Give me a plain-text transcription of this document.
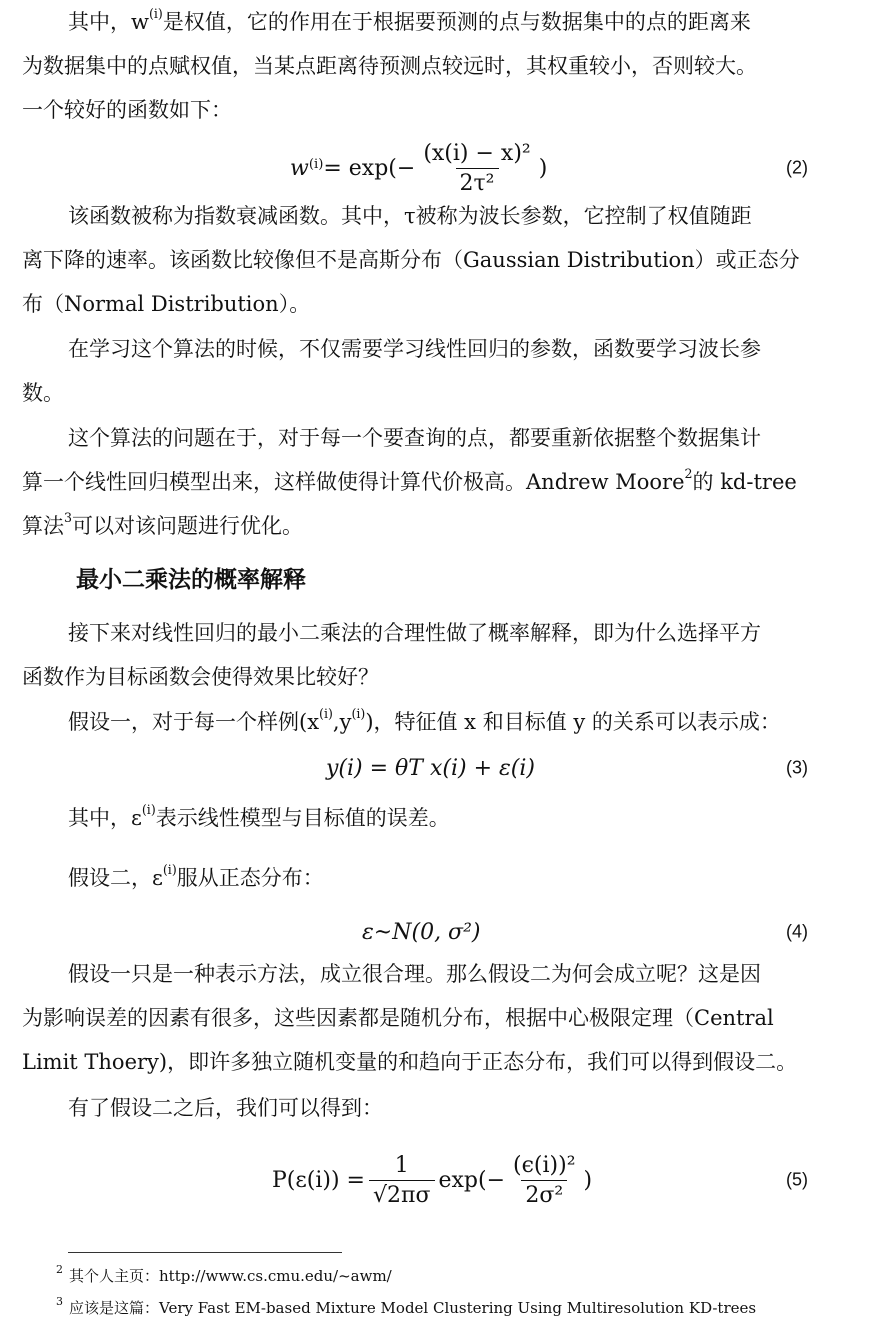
其中，$w^{(i)}$是权值，它的作用在于根据要预测的点与数据集中的点的距离来
为数据集中的点赋权值，当某点距离待预测点较远时，其权重较小，否则较大。
一个较好的函数如下：

$w^{(i)} = \exp(- \frac{\text{(x(i) − x)²}}{\text{2τ²}}$ )	(2)

该函数被称为指数衰减函数。其中，τ被称为波长参数，它控制了权值随距
离下降的速率。该函数比较像但不是高斯分布（Gaussian Distribution）或正态分
布（Normal Distribution）。

在学习这个算法的时候，不仅需要学习线性回归的参数，函数要学习波长参
数。

这个算法的问题在于，对于每一个要查询的点，都要重新依据整个数据集计
算一个线性回归模型出来，这样做使得计算代价极高。Andrew Moore$^2$的 kd-tree
算法$^3$可以对该问题进行优化。

最小二乘法的概率解释

接下来对线性回归的最小二乘法的合理性做了概率解释，即为什么选择平方
函数作为目标函数会使得效果比较好？

假设一，对于每一个样例$(x^{(i)},y^{(i)})$，特征值 x 和目标值 y 的关系可以表示成：

y(i) = θT x(i) + ε(i)	(3)

其中，$\varepsilon^{(i)}$表示线性模型与目标值的误差。

假设二，$\varepsilon^{(i)}$服从正态分布：

ε~N(0, σ²)	(4)

假设一只是一种表示方法，成立很合理。那么假设二为何会成立呢？这是因
为影响误差的因素有很多，这些因素都是随机分布，根据中心极限定理（Central
Limit Thoery)，即许多独立随机变量的和趋向于正态分布，我们可以得到假设二。

有了假设二之后，我们可以得到：

$P(\varepsilon(i)) = \frac{1}{√2\pi\sigma} \exp(- \frac{\text{(ϵ(i))²}}{\text{2σ²}}$ )	(5)
$^2$ 其个人主页：http://www.cs.cmu.edu/~awm/
$^3$ 应该是这篇：Very Fast EM-based Mixture Model Clustering Using Multiresolution KD-trees
